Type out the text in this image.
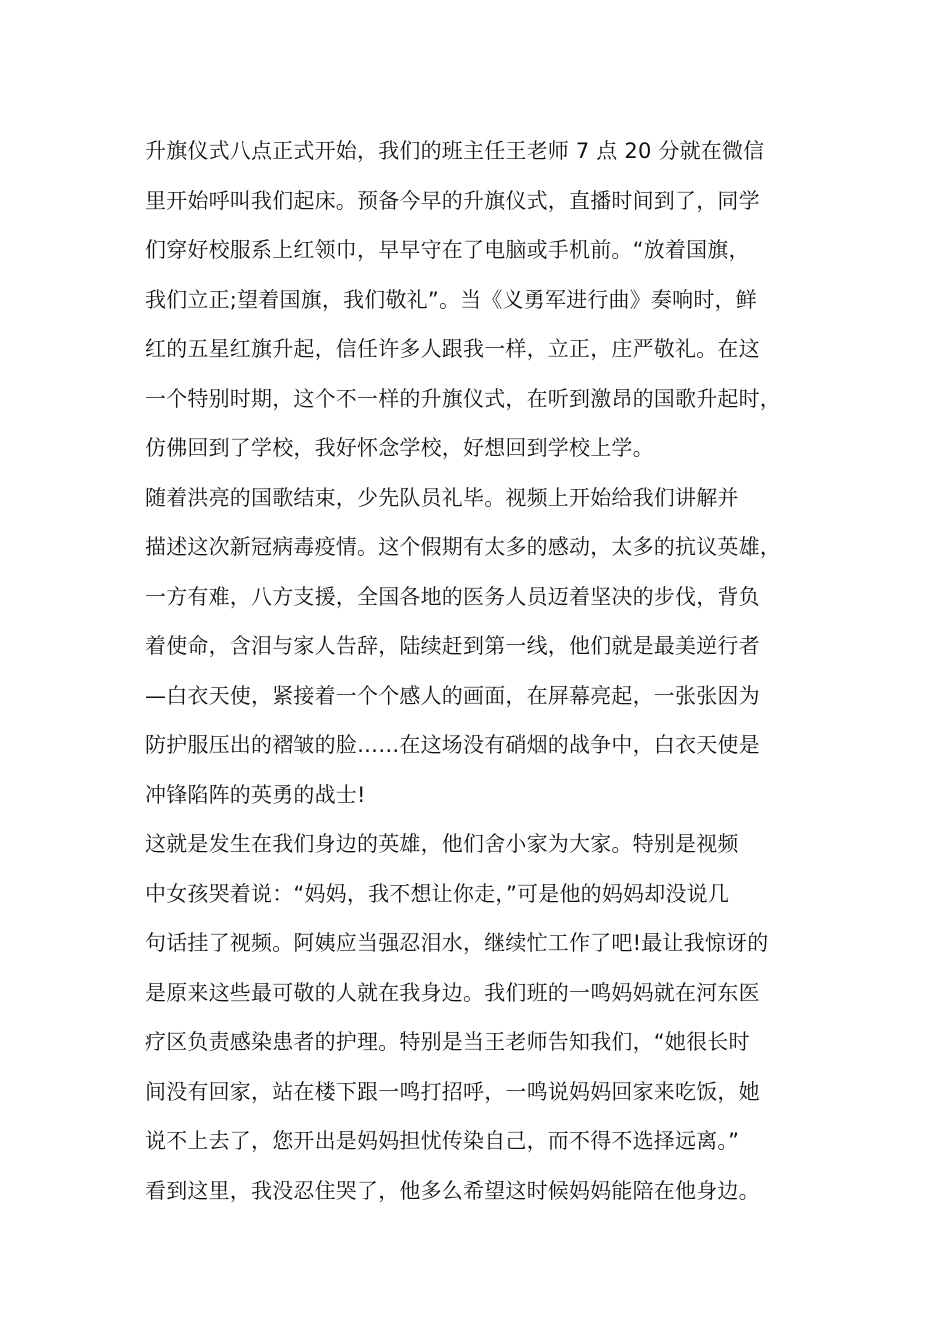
升旗仪式八点正式开始，我们的班主任王老师 7 点 20 分就在微信
里开始呼叫我们起床。预备今早的升旗仪式，直播时间到了，同学
们穿好校服系上红领巾，早早守在了电脑或手机前。“放着国旗，
我们立正;望着国旗，我们敬礼”。当《义勇军进行曲》奏响时，鲜
红的五星红旗升起，信任许多人跟我一样，立正，庄严敬礼。在这
一个特别时期，这个不一样的升旗仪式，在听到激昂的国歌升起时，
仿佛回到了学校，我好怀念学校，好想回到学校上学。
随着洪亮的国歌结束，少先队员礼毕。视频上开始给我们讲解并
描述这次新冠病毒疫情。这个假期有太多的感动，太多的抗议英雄，
一方有难，八方支援，全国各地的医务人员迈着坚决的步伐，背负
着使命，含泪与家人告辞，陆续赶到第一线，他们就是最美逆行者
—白衣天使，紧接着一个个感人的画面，在屏幕亮起，一张张因为
防护服压出的褶皱的脸……在这场没有硝烟的战争中，白衣天使是
冲锋陷阵的英勇的战士!
这就是发生在我们身边的英雄，他们舍小家为大家。特别是视频
中女孩哭着说：“妈妈，我不想让你走，”可是他的妈妈却没说几
句话挂了视频。阿姨应当强忍泪水，继续忙工作了吧!最让我惊讶的
是原来这些最可敬的人就在我身边。我们班的一鸣妈妈就在河东医
疗区负责感染患者的护理。特别是当王老师告知我们，“她很长时
间没有回家，站在楼下跟一鸣打招呼，一鸣说妈妈回家来吃饭，她
说不上去了，您开出是妈妈担忧传染自己，而不得不选择远离。”
看到这里，我没忍住哭了，他多么希望这时候妈妈能陪在他身边。
